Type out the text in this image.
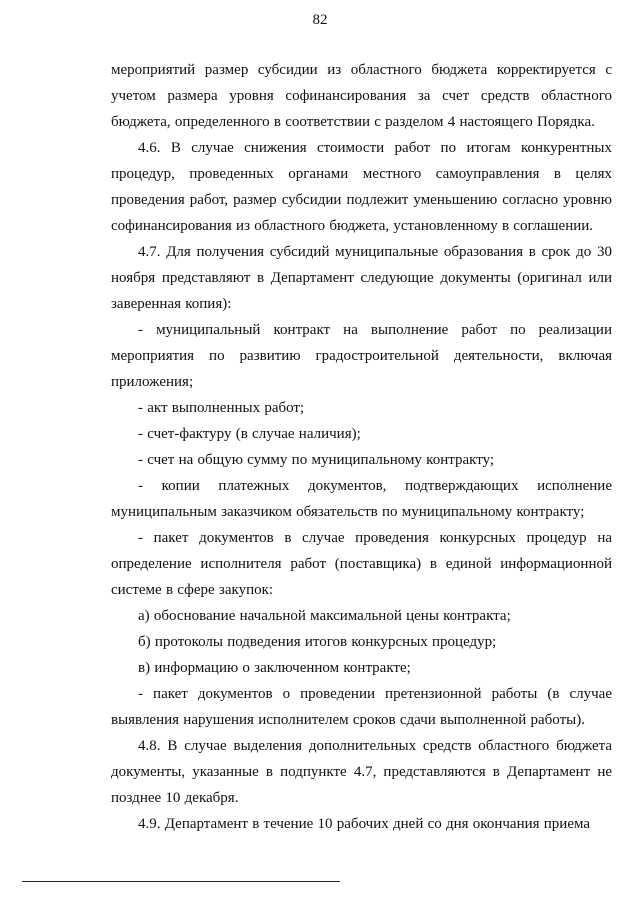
82

мероприятий размер субсидии из областного бюджета корректируется с учетом размера уровня софинансирования за счет средств областного бюджета, определенного в соответствии с разделом 4 настоящего Порядка.

4.6. В случае снижения стоимости работ по итогам конкурентных процедур, проведенных органами местного самоуправления в целях проведения работ, размер субсидии подлежит уменьшению согласно уровню софинансирования из областного бюджета, установленному в соглашении.

4.7. Для получения субсидий муниципальные образования в срок до 30 ноября представляют в Департамент следующие документы (оригинал или заверенная копия):

- муниципальный контракт на выполнение работ по реализации мероприятия по развитию градостроительной деятельности, включая приложения;

- акт выполненных работ;

- счет-фактуру (в случае наличия);

- счет на общую сумму по муниципальному контракту;

- копии платежных документов, подтверждающих исполнение муниципальным заказчиком обязательств по муниципальному контракту;

- пакет документов в случае проведения конкурсных процедур на определение исполнителя работ (поставщика) в единой информационной системе в сфере закупок:

а) обоснование начальной максимальной цены контракта;

б) протоколы подведения итогов конкурсных процедур;

в) информацию о заключенном контракте;

- пакет документов о проведении претензионной работы (в случае выявления нарушения исполнителем сроков сдачи выполненной работы).

4.8. В случае выделения дополнительных средств областного бюджета документы, указанные в подпункте 4.7, представляются в Департамент не позднее 10 декабря.

4.9. Департамент в течение 10 рабочих дней со дня окончания приема
